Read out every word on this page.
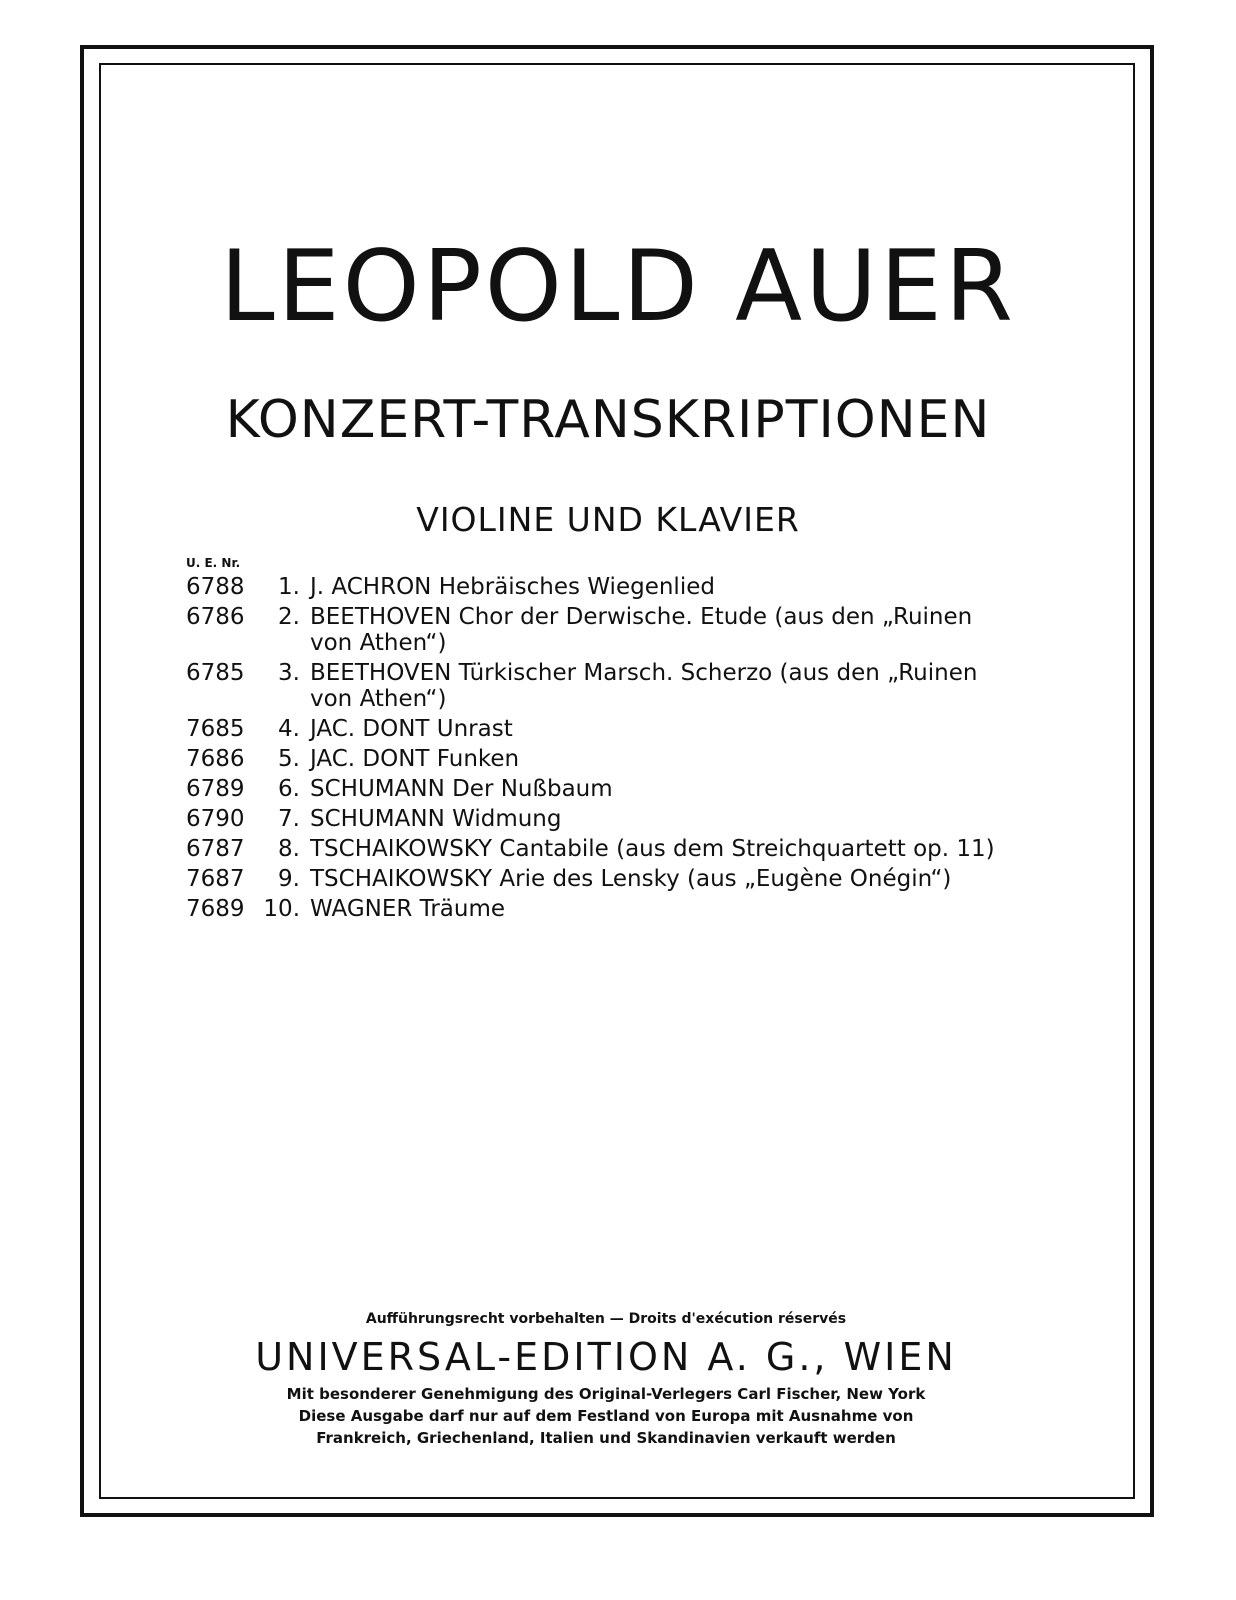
LEOPOLD AUER
KONZERT-TRANSKRIPTIONEN
VIOLINE UND KLAVIER
U. E. Nr.
6788	1. J. ACHRON Hebräisches Wiegenlied
6786	2. BEETHOVEN Chor der Derwische. Etude (aus den „Ruinen
von Athen“)
6785	3. BEETHOVEN Türkischer Marsch. Scherzo (aus den „Ruinen
von Athen“)
7685	4. JAC. DONT Unrast
7686	5. JAC. DONT Funken
6789	6. SCHUMANN Der Nußbaum
6790	7. SCHUMANN Widmung
6787	8. TSCHAIKOWSKY Cantabile (aus dem Streichquartett op. 11)
7687	9. TSCHAIKOWSKY Arie des Lensky (aus „Eugène Onégin“)
7689 10. WAGNER Träume
Aufführungsrecht vorbehalten — Droits d'exécution réservés
UNIVERSAL-EDITION A. G., WIEN
Mit besonderer Genehmigung des Original-Verlegers Carl Fischer, New York
Diese Ausgabe darf nur auf dem Festland von Europa mit Ausnahme von
Frankreich, Griechenland, Italien und Skandinavien verkauft werden
